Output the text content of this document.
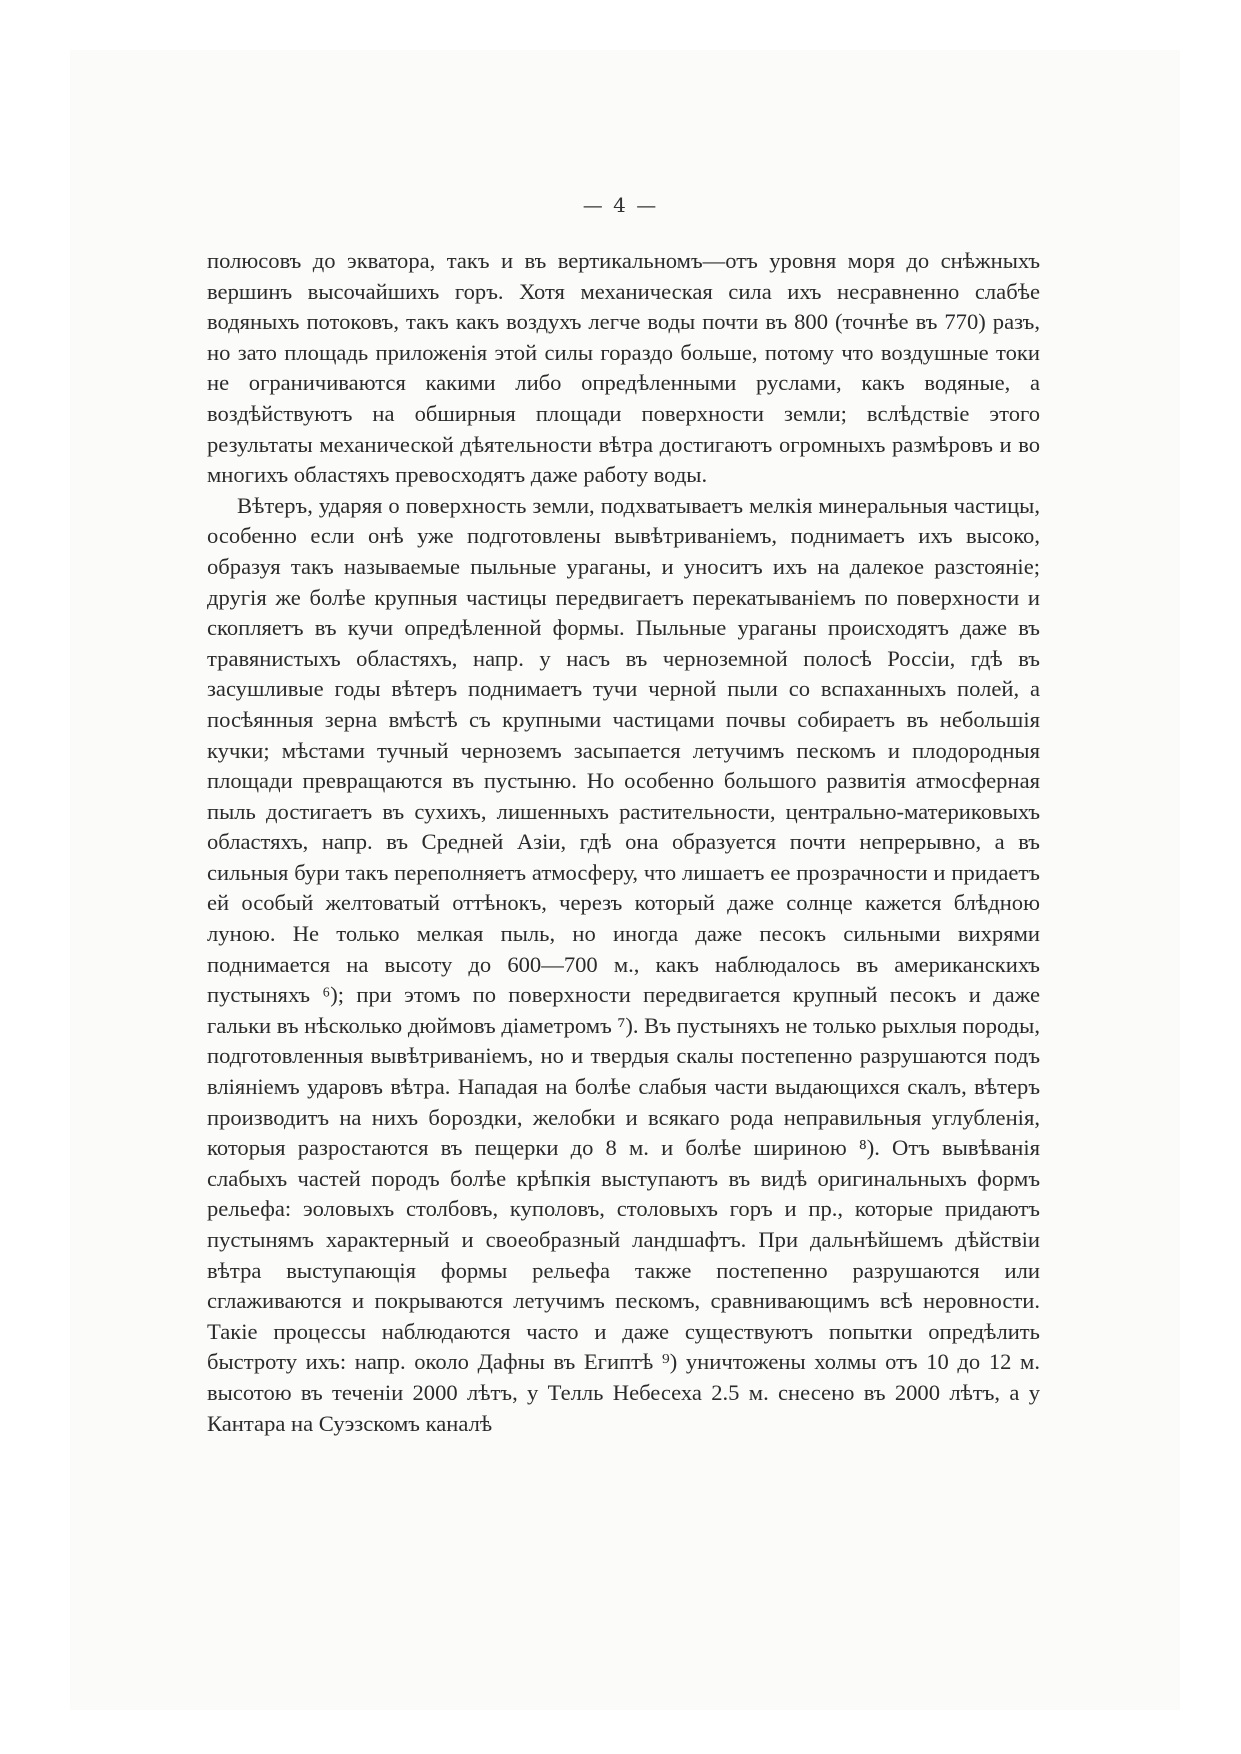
— 4 —

полюсовъ до экватора, такъ и въ вертикальномъ—отъ уровня моря до снѣжныхъ вершинъ высочайшихъ горъ. Хотя механическая сила ихъ несравненно слабѣе водяныхъ потоковъ, такъ какъ воздухъ легче воды почти въ 800 (точнѣе въ 770) разъ, но зато площадь приложенія этой силы гораздо больше, потому что воздушные токи не ограничиваются какими либо опредѣленными руслами, какъ водяные, а воздѣйствуютъ на обширныя площади поверхности земли; вслѣдствіе этого результаты механической дѣятельности вѣтра достигаютъ огромныхъ размѣровъ и во многихъ областяхъ превосходятъ даже работу воды.

Вѣтеръ, ударяя о поверхность земли, подхватываетъ мелкія минеральныя частицы, особенно если онѣ уже подготовлены вывѣтриваніемъ, поднимаетъ ихъ высоко, образуя такъ называемые пыльные ураганы, и уноситъ ихъ на далекое разстояніе; другія же болѣе крупныя частицы передвигаетъ перекатываніемъ по поверхности и скопляетъ въ кучи опредѣленной формы. Пыльные ураганы происходятъ даже въ травянистыхъ областяхъ, напр. у насъ въ черноземной полосѣ Россіи, гдѣ въ засушливые годы вѣтеръ поднимаетъ тучи черной пыли со вспаханныхъ полей, а посѣянныя зерна вмѣстѣ съ крупными частицами почвы собираетъ въ небольшія кучки; мѣстами тучный черноземъ засыпается летучимъ пескомъ и плодородныя площади превращаются въ пустыню. Но особенно большого развитія атмосферная пыль достигаетъ въ сухихъ, лишенныхъ растительности, центрально-материковыхъ областяхъ, напр. въ Средней Азіи, гдѣ она образуется почти непрерывно, а въ сильныя бури такъ переполняетъ атмосферу, что лишаетъ ее прозрачности и придаетъ ей особый желтоватый оттѣнокъ, черезъ который даже солнце кажется блѣдною луною. Не только мелкая пыль, но иногда даже песокъ сильными вихрями поднимается на высоту до 600—700 м., какъ наблюдалось въ американскихъ пустыняхъ ⁶); при этомъ по поверхности передвигается крупный песокъ и даже гальки въ нѣсколько дюймовъ діаметромъ ⁷). Въ пустыняхъ не только рыхлыя породы, подготовленныя вывѣтриваніемъ, но и твердыя скалы постепенно разрушаются подъ вліяніемъ ударовъ вѣтра. Нападая на болѣе слабыя части выдающихся скалъ, вѣтеръ производитъ на нихъ бороздки, желобки и всякаго рода неправильныя углубленія, которыя разростаются въ пещерки до 8 м. и болѣе шириною ⁸). Отъ вывѣванія слабыхъ частей породъ болѣе крѣпкія выступаютъ въ видѣ оригинальныхъ формъ рельефа: эоловыхъ столбовъ, куполовъ, столовыхъ горъ и пр., которые придаютъ пустынямъ характерный и своеобразный ландшафтъ. При дальнѣйшемъ дѣйствіи вѣтра выступающія формы рельефа также постепенно разрушаются или сглаживаются и покрываются летучимъ пескомъ, сравнивающимъ всѣ неровности. Такіе процессы наблюдаются часто и даже существуютъ попытки опредѣлить быстроту ихъ: напр. около Дафны въ Египтѣ ⁹) уничтожены холмы отъ 10 до 12 м. высотою въ теченіи 2000 лѣтъ, у Телль Небесеха 2.5 м. снесено въ 2000 лѣтъ, а у Кантара на Суэзскомъ каналѣ
